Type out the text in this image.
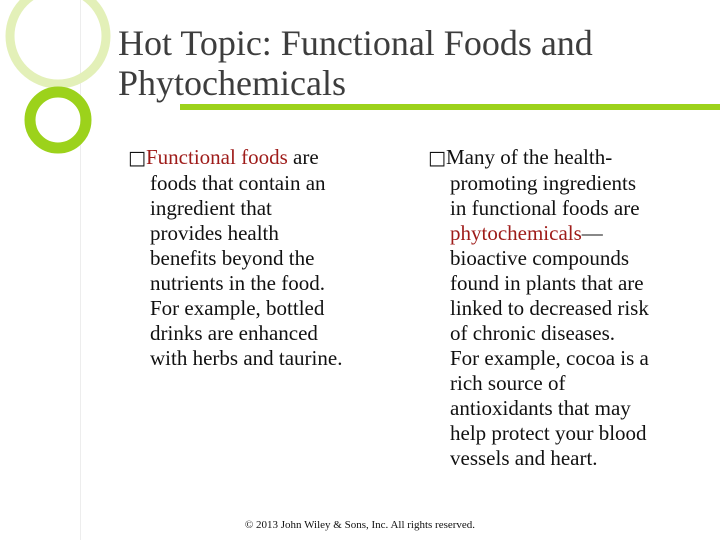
Hot Topic: Functional Foods and
Phytochemicals
□Functional foods are
foods that contain an
ingredient that
provides health
benefits beyond the
nutrients in the food.
For example, bottled
drinks are enhanced
with herbs and taurine.
□Many of the health-
promoting ingredients
in functional foods are
phytochemicals—
bioactive compounds
found in plants that are
linked to decreased risk
of chronic diseases.
For example, cocoa is a
rich source of
antioxidants that may
help protect your blood
vessels and heart.
© 2013 John Wiley & Sons, Inc. All rights reserved.
